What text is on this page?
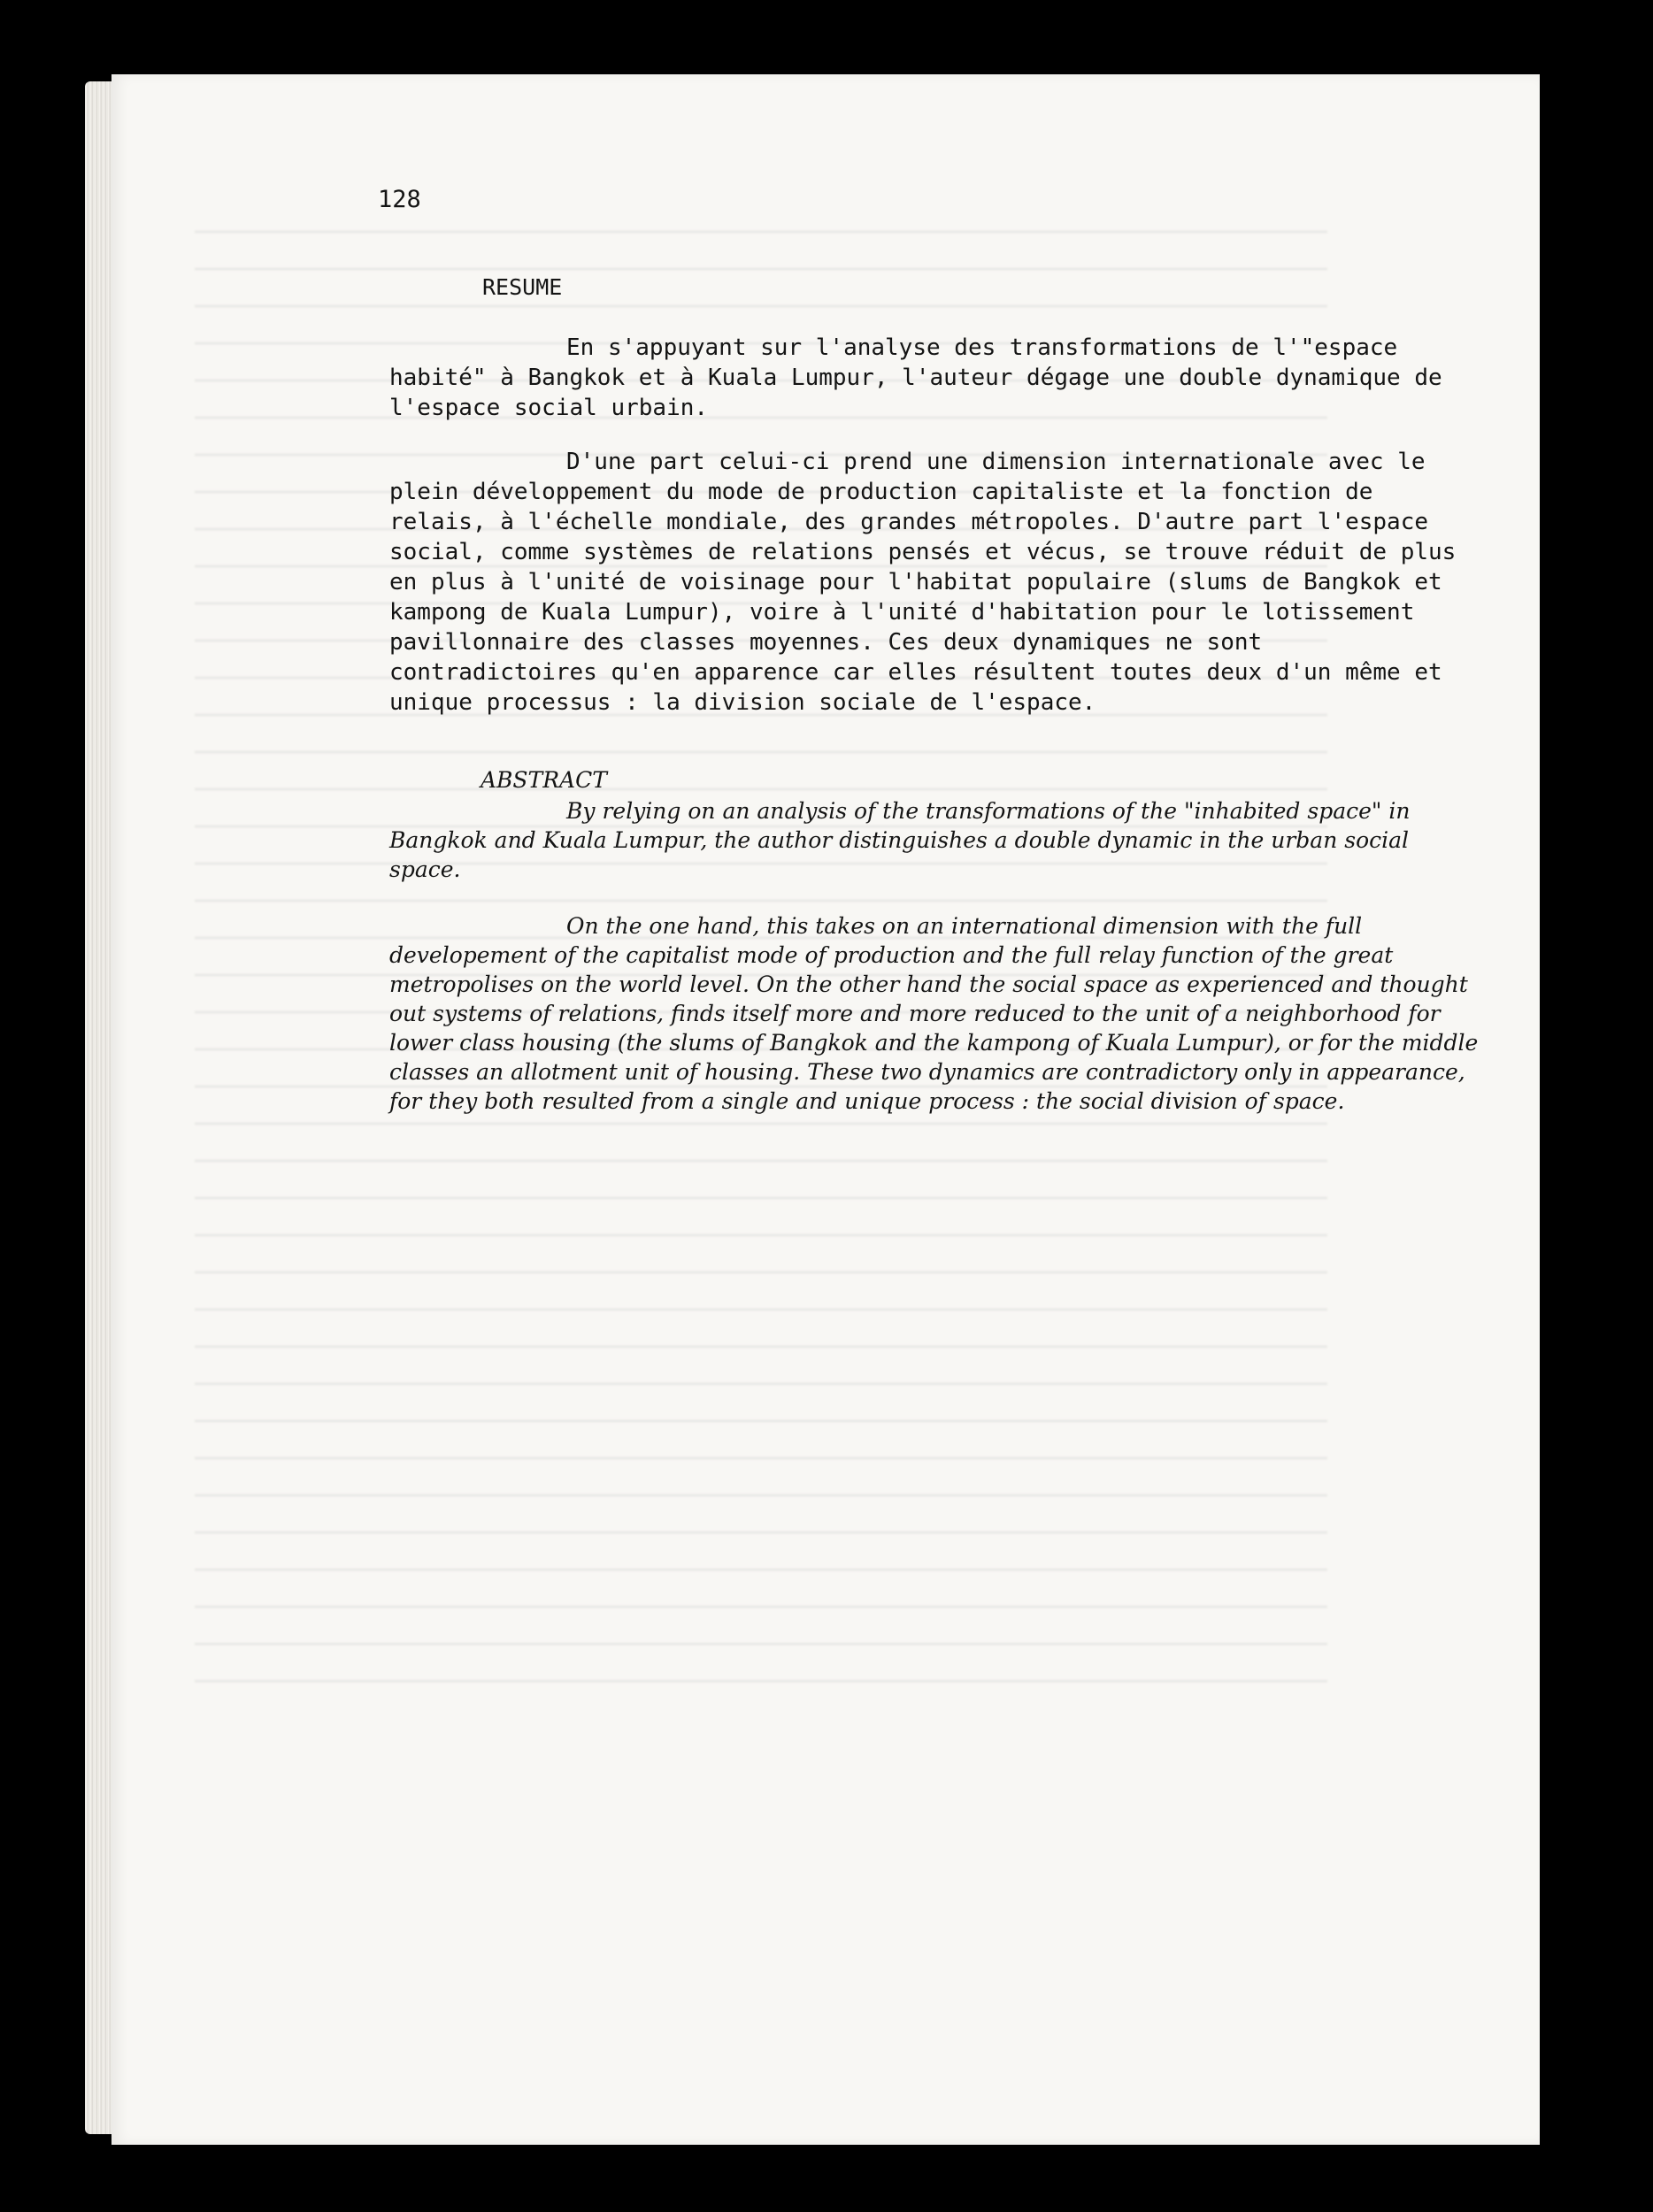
128
RESUME

En s'appuyant sur l'analyse des transformations de l'"espace habité" à Bangkok et à Kuala Lumpur, l'auteur dégage une double dynamique de l'espace social urbain.

D'une part celui-ci prend une dimension internationale avec le plein développement du mode de production capitaliste et la fonction de relais, à l'échelle mondiale, des grandes métropoles. D'autre part l'espace social, comme systèmes de relations pensés et vécus, se trouve réduit de plus en plus à l'unité de voisinage pour l'habitat populaire (slums de Bangkok et kampong de Kuala Lumpur), voire à l'unité d'habitation pour le lotissement pavillonnaire des classes moyennes. Ces deux dynamiques ne sont contradictoires qu'en apparence car elles résultent toutes deux d'un même et unique processus : la division sociale de l'espace.

ABSTRACT

By relying on an analysis of the transformations of the "inhabited space" in Bangkok and Kuala Lumpur, the author distinguishes a double dynamic in the urban social space.

On the one hand, this takes on an international dimension with the full developement of the capitalist mode of production and the full relay function of the great metropolises on the world level. On the other hand the social space as experienced and thought out systems of relations, finds itself more and more reduced to the unit of a neighborhood for lower class housing (the slums of Bangkok and the kampong of Kuala Lumpur), or for the middle classes an allotment unit of housing. These two dynamics are contradictory only in appearance, for they both resulted from a single and unique process : the social division of space.
